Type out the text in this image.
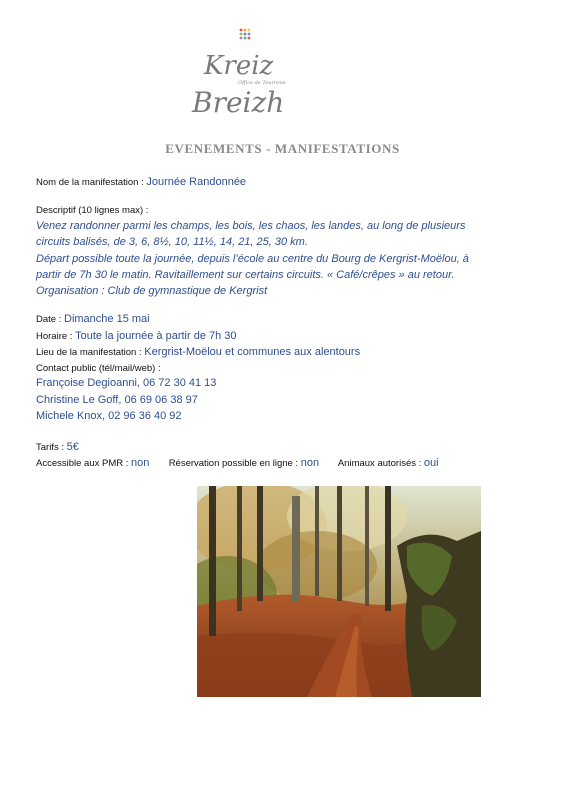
Kreiz
Office de Tourisme
Breizh
EVENEMENTS - MANIFESTATIONS
Nom de la manifestation : Journée Randonnée
Descriptif (10 lignes max) :
Venez randonner parmi les champs, les bois, les chaos, les landes, au long de plusieurs
circuits balisés, de 3, 6, 8½, 10, 11½, 14, 21, 25, 30 km.
Départ possible toute la journée, depuis l’école au centre du Bourg de Kergrist-Moëlou, à
partir de 7h 30 le matin. Ravitaillement sur certains circuits. « Café/crêpes » au retour.
Organisation : Club de gymnastique de Kergrist
Date : Dimanche 15 mai
Horaire : Toute la journée à partir de 7h 30
Lieu de la manifestation : Kergrist-Moëlou et communes aux alentours
Contact public (tél/mail/web) :
Françoise Degioanni, 06 72 30 41 13
Christine Le Goff, 06 69 06 38 97
Michele Knox, 02 96 36 40 92
Tarifs : 5€
Accessible aux PMR : non Réservation possible en ligne : non Animaux autorisés : oui
